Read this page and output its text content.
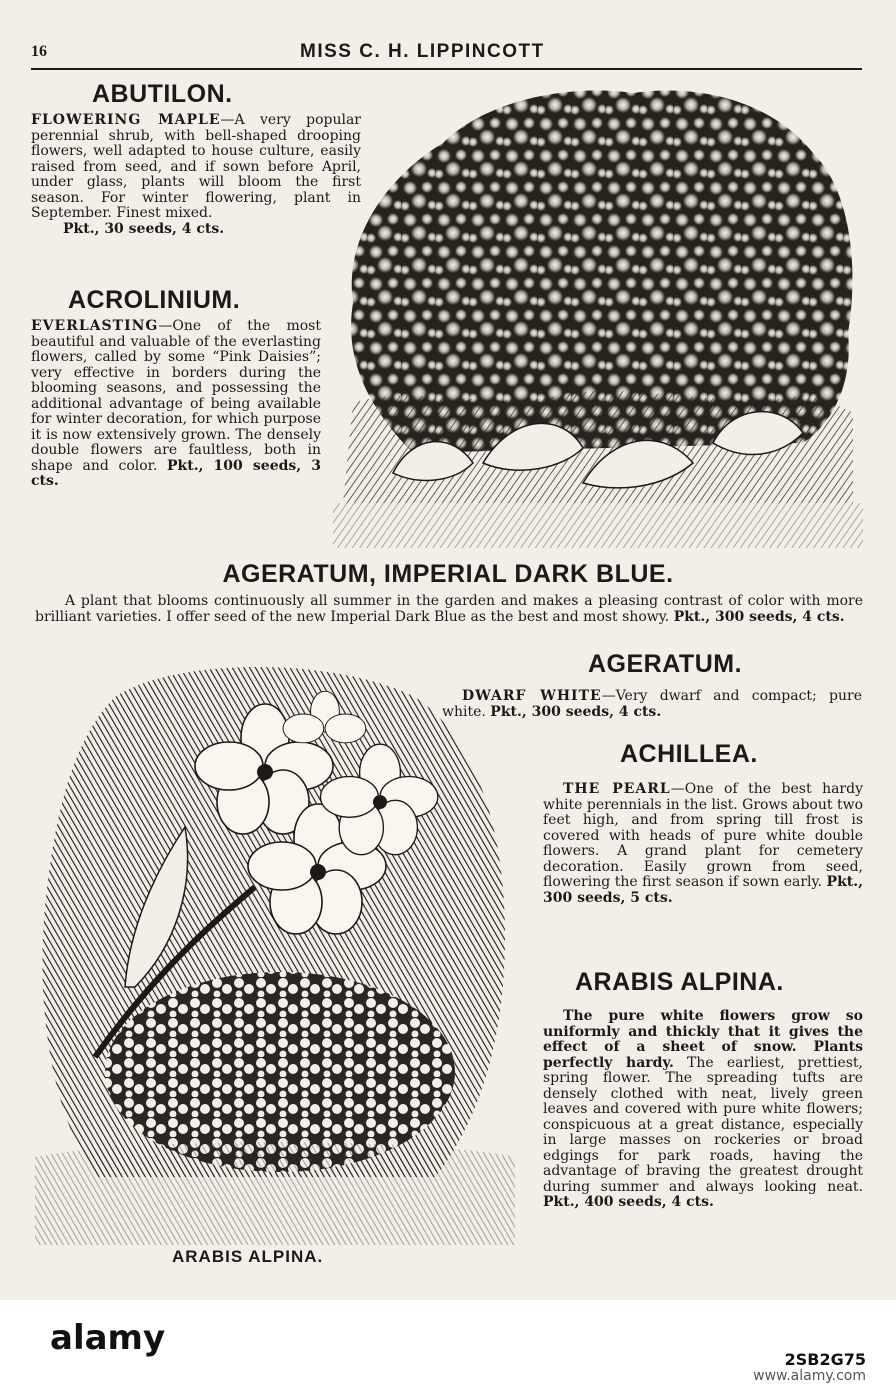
16	MISS C. H. LIPPINCOTT
ABUTILON.
FLOWERING MAPLE—A very popular perennial shrub, with bell-shaped drooping flowers, well adapted to house culture, easily raised from seed, and if sown before April, under glass, plants will bloom the first season. For winter flowering, plant in September. Finest mixed.
Pkt., 30 seeds, 4 cts.
ACROLINIUM.
EVERLASTING—One of the most beautiful and valuable of the everlasting flowers, called by some “Pink Daisies”; very effective in borders during the blooming seasons, and possessing the additional advantage of being available for winter decoration, for which purpose it is now extensively grown. The densely double flowers are faultless, both in shape and color. Pkt., 100 seeds, 3 cts.
AGERATUM, IMPERIAL DARK BLUE.
A plant that blooms continuously all summer in the garden and makes a pleasing contrast of color with more brilliant varieties. I offer seed of the new Imperial Dark Blue as the best and most showy. Pkt., 300 seeds, 4 cts.
ARABIS ALPINA.
AGERATUM.
DWARF WHITE—Very dwarf and compact; pure white. Pkt., 300 seeds, 4 cts.
ACHILLEA.
THE PEARL—One of the best hardy white perennials in the list. Grows about two feet high, and from spring till frost is covered with heads of pure white double flowers. A grand plant for cemetery decoration. Easily grown from seed, flowering the first season if sown early. Pkt., 300 seeds, 5 cts.
ARABIS ALPINA.
The pure white flowers grow so uniformly and thickly that it gives the effect of a sheet of snow. Plants perfectly hardy. The earliest, prettiest, spring flower. The spreading tufts are densely clothed with neat, lively green leaves and covered with pure white flowers; conspicuous at a great distance, especially in large masses on rockeries or broad edgings for park roads, having the advantage of braving the greatest drought during summer and always looking neat. Pkt., 400 seeds, 4 cts.
alamy
2SB2G75
www.alamy.com
